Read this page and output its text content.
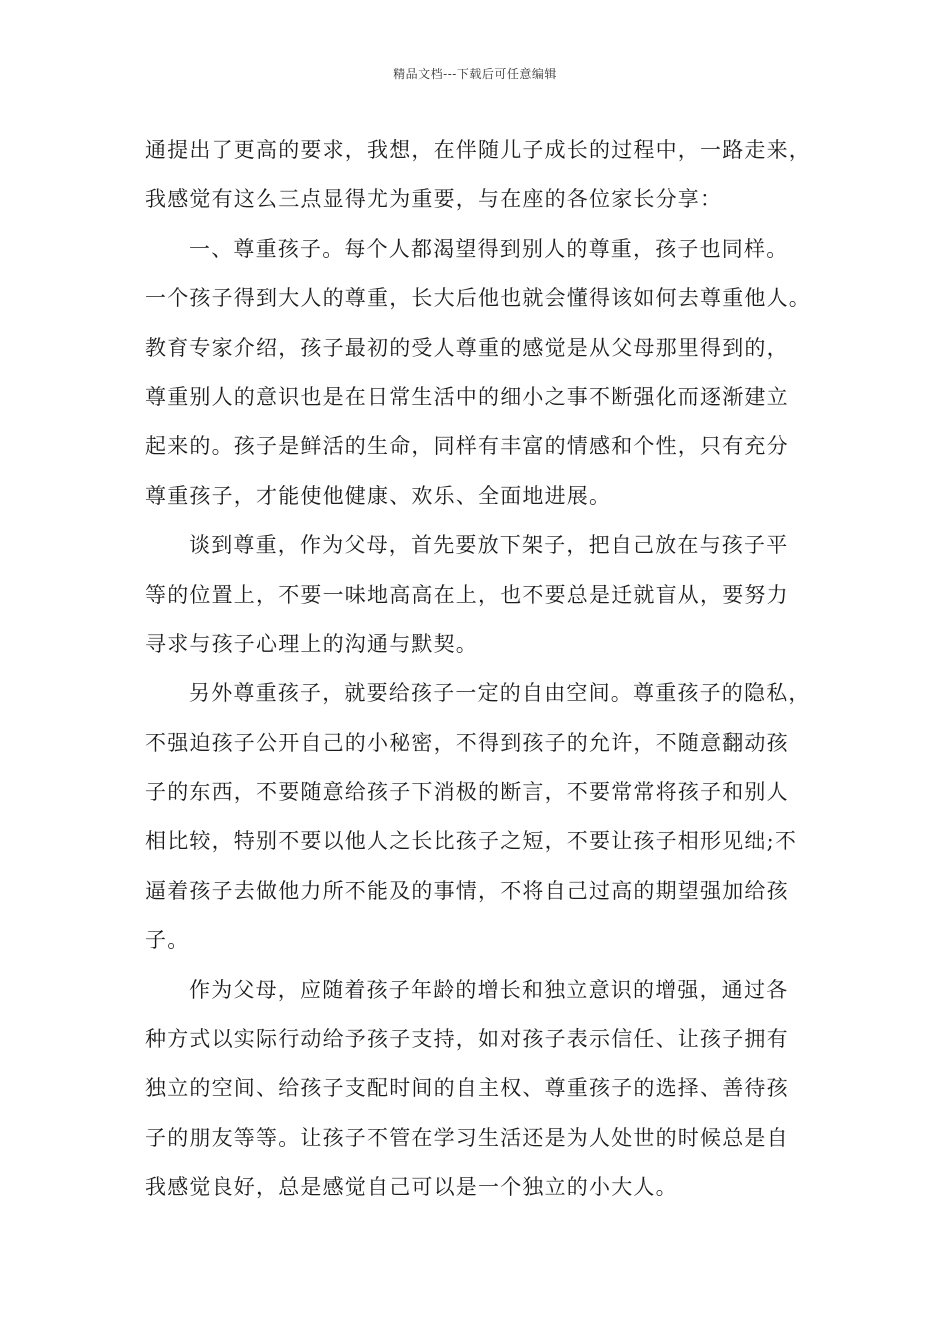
精品文档---下载后可任意编辑
通提出了更高的要求，我想，在伴随儿子成长的过程中，一路走来，
我感觉有这么三点显得尤为重要，与在座的各位家长分享：
一、尊重孩子。每个人都渴望得到别人的尊重，孩子也同样。
一个孩子得到大人的尊重，长大后他也就会懂得该如何去尊重他人。
教育专家介绍，孩子最初的受人尊重的感觉是从父母那里得到的，
尊重别人的意识也是在日常生活中的细小之事不断强化而逐渐建立
起来的。孩子是鲜活的生命，同样有丰富的情感和个性，只有充分
尊重孩子，才能使他健康、欢乐、全面地进展。
谈到尊重，作为父母，首先要放下架子，把自己放在与孩子平
等的位置上，不要一味地高高在上，也不要总是迁就盲从，要努力
寻求与孩子心理上的沟通与默契。
另外尊重孩子，就要给孩子一定的自由空间。尊重孩子的隐私，
不强迫孩子公开自己的小秘密，不得到孩子的允许，不随意翻动孩
子的东西，不要随意给孩子下消极的断言，不要常常将孩子和别人
相比较，特别不要以他人之长比孩子之短，不要让孩子相形见绌;不
逼着孩子去做他力所不能及的事情，不将自己过高的期望强加给孩
子。
作为父母，应随着孩子年龄的增长和独立意识的增强，通过各
种方式以实际行动给予孩子支持，如对孩子表示信任、让孩子拥有
独立的空间、给孩子支配时间的自主权、尊重孩子的选择、善待孩
子的朋友等等。让孩子不管在学习生活还是为人处世的时候总是自
我感觉良好，总是感觉自己可以是一个独立的小大人。
